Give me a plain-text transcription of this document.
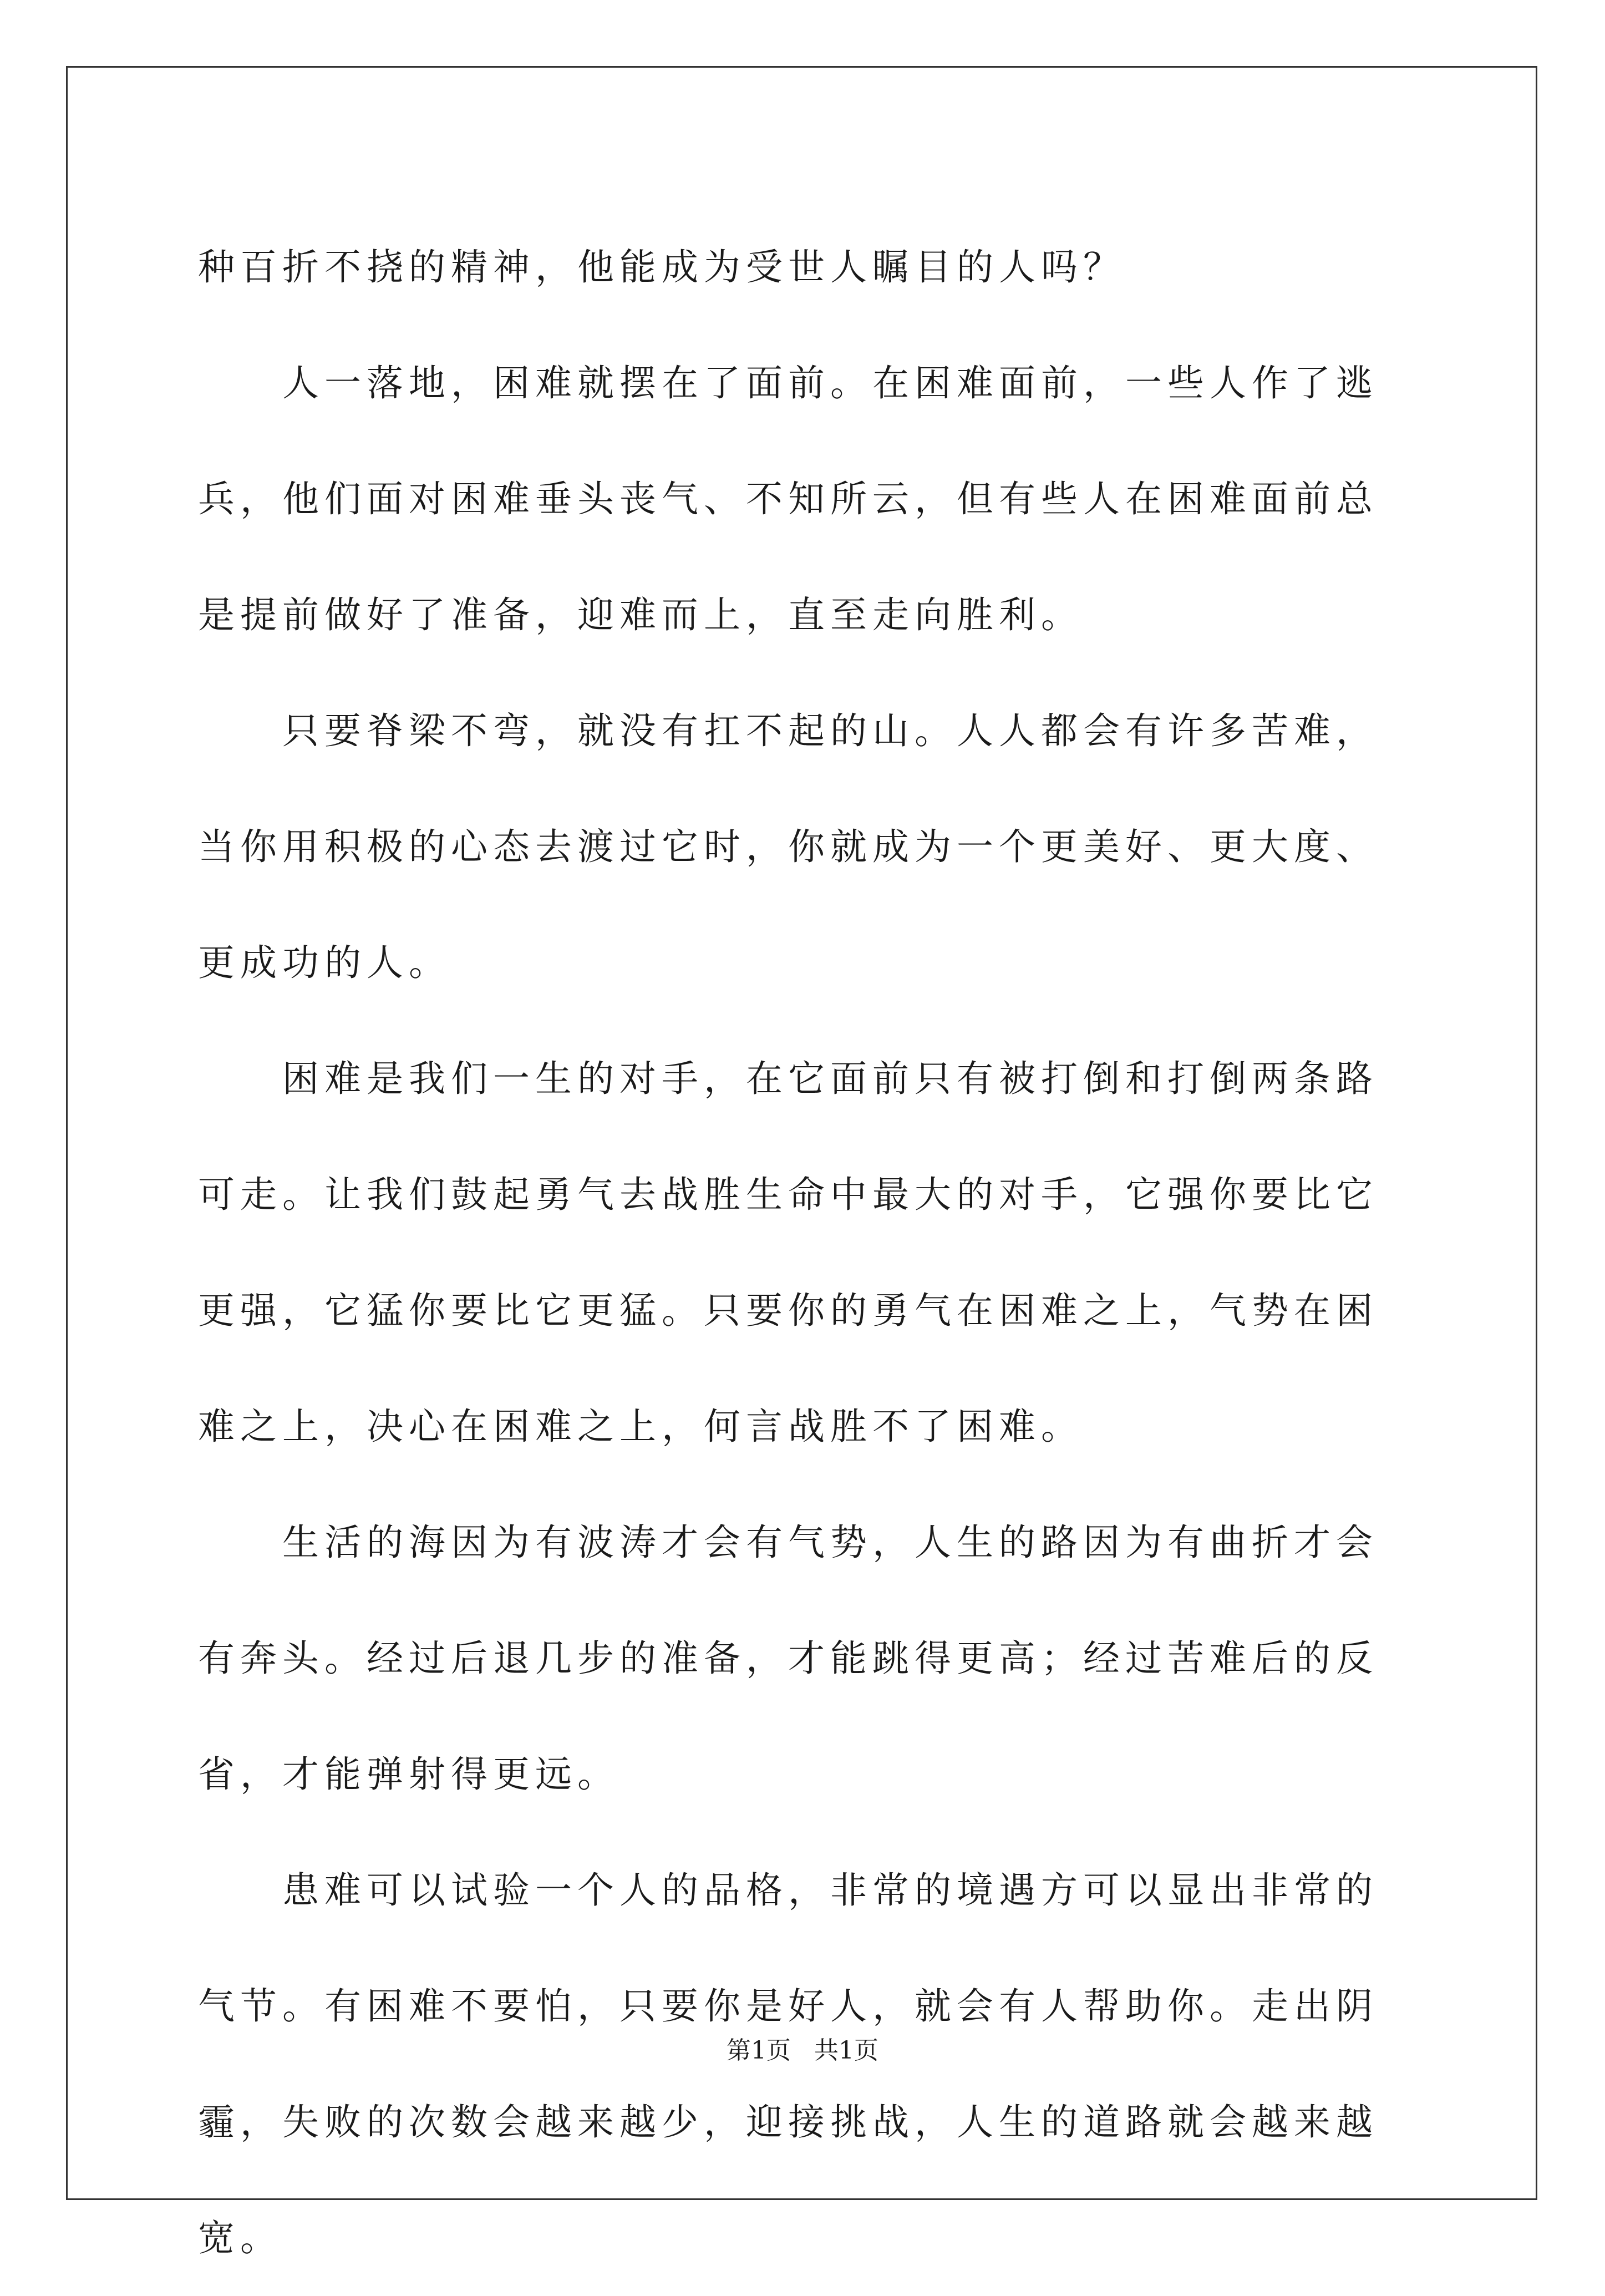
种百折不挠的精神，他能成为受世人瞩目的人吗？

人一落地，困难就摆在了面前。在困难面前，一些人作了逃兵，他们面对困难垂头丧气、不知所云，但有些人在困难面前总是提前做好了准备，迎难而上，直至走向胜利。

只要脊梁不弯，就没有扛不起的山。人人都会有许多苦难，当你用积极的心态去渡过它时，你就成为一个更美好、更大度、更成功的人。

困难是我们一生的对手，在它面前只有被打倒和打倒两条路可走。让我们鼓起勇气去战胜生命中最大的对手，它强你要比它更强，它猛你要比它更猛。只要你的勇气在困难之上，气势在困难之上，决心在困难之上，何言战胜不了困难。

生活的海因为有波涛才会有气势，人生的路因为有曲折才会有奔头。经过后退几步的准备，才能跳得更高；经过苦难后的反省，才能弹射得更远。

患难可以试验一个人的品格，非常的境遇方可以显出非常的气节。有困难不要怕，只要你是好人，就会有人帮助你。走出阴霾，失败的次数会越来越少，迎接挑战，人生的道路就会越来越宽。

第1页 共1页
